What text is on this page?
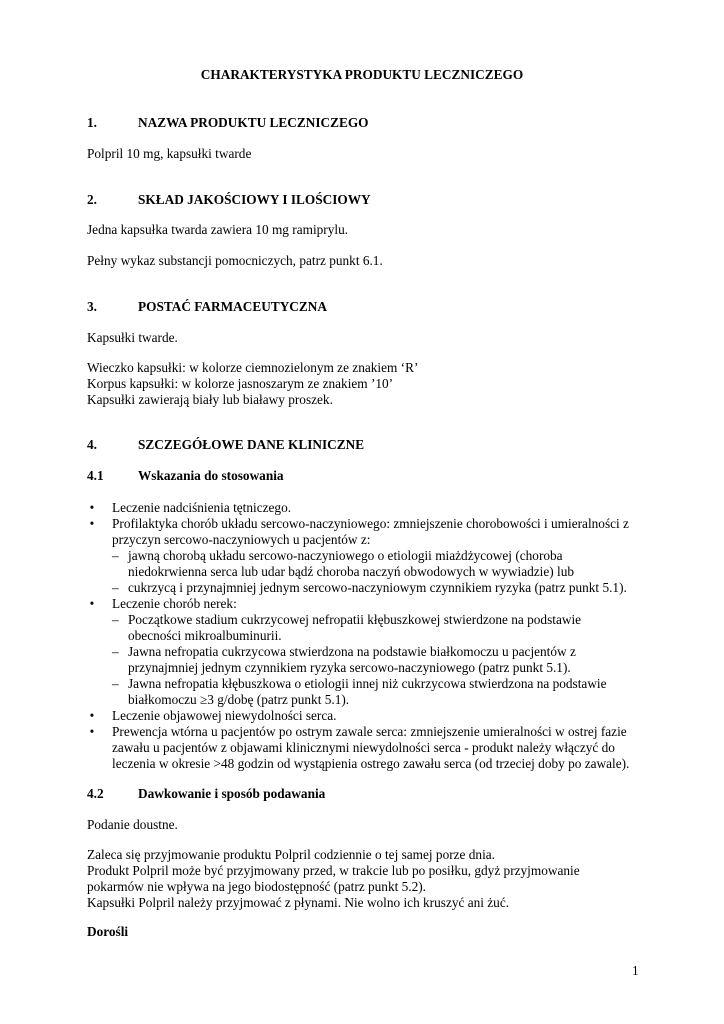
CHARAKTERYSTYKA PRODUKTU LECZNICZEGO
1.	NAZWA PRODUKTU LECZNICZEGO
Polpril 10 mg, kapsułki twarde
2.	SKŁAD JAKOŚCIOWY I ILOŚCIOWY
Jedna kapsułka twarda zawiera 10 mg ramiprylu.
Pełny wykaz substancji pomocniczych, patrz punkt 6.1.
3.	POSTAĆ FARMACEUTYCZNA
Kapsułki twarde.
Wieczko kapsułki: w kolorze ciemnozielonym ze znakiem ‘R’
Korpus kapsułki: w kolorze jasnoszarym ze znakiem ’10’
Kapsułki zawierają biały lub białawy proszek.
4.	SZCZEGÓŁOWE DANE KLINICZNE
4.1	Wskazania do stosowania
• Leczenie nadciśnienia tętniczego.
• Profilaktyka chorób układu sercowo-naczyniowego: zmniejszenie chorobowości i umieralności z
przyczyn sercowo-naczyniowych u pacjentów z:
– jawną chorobą układu sercowo-naczyniowego o etiologii miażdżycowej (choroba
niedokrwienna serca lub udar bądź choroba naczyń obwodowych w wywiadzie) lub
– cukrzycą i przynajmniej jednym sercowo-naczyniowym czynnikiem ryzyka (patrz punkt 5.1).
• Leczenie chorób nerek:
– Początkowe stadium cukrzycowej nefropatii kłębuszkowej stwierdzone na podstawie
obecności mikroalbuminurii.
– Jawna nefropatia cukrzycowa stwierdzona na podstawie białkomoczu u pacjentów z
przynajmniej jednym czynnikiem ryzyka sercowo-naczyniowego (patrz punkt 5.1).
– Jawna nefropatia kłębuszkowa o etiologii innej niż cukrzycowa stwierdzona na podstawie
białkomoczu ≥3 g/dobę (patrz punkt 5.1).
• Leczenie objawowej niewydolności serca.
• Prewencja wtórna u pacjentów po ostrym zawale serca: zmniejszenie umieralności w ostrej fazie
zawału u pacjentów z objawami klinicznymi niewydolności serca - produkt należy włączyć do
leczenia w okresie >48 godzin od wystąpienia ostrego zawału serca (od trzeciej doby po zawale).
4.2	Dawkowanie i sposób podawania
Podanie doustne.
Zaleca się przyjmowanie produktu Polpril codziennie o tej samej porze dnia.
Produkt Polpril może być przyjmowany przed, w trakcie lub po posiłku, gdyż przyjmowanie
pokarmów nie wpływa na jego biodostępność (patrz punkt 5.2).
Kapsułki Polpril należy przyjmować z płynami. Nie wolno ich kruszyć ani żuć.
Dorośli
1
